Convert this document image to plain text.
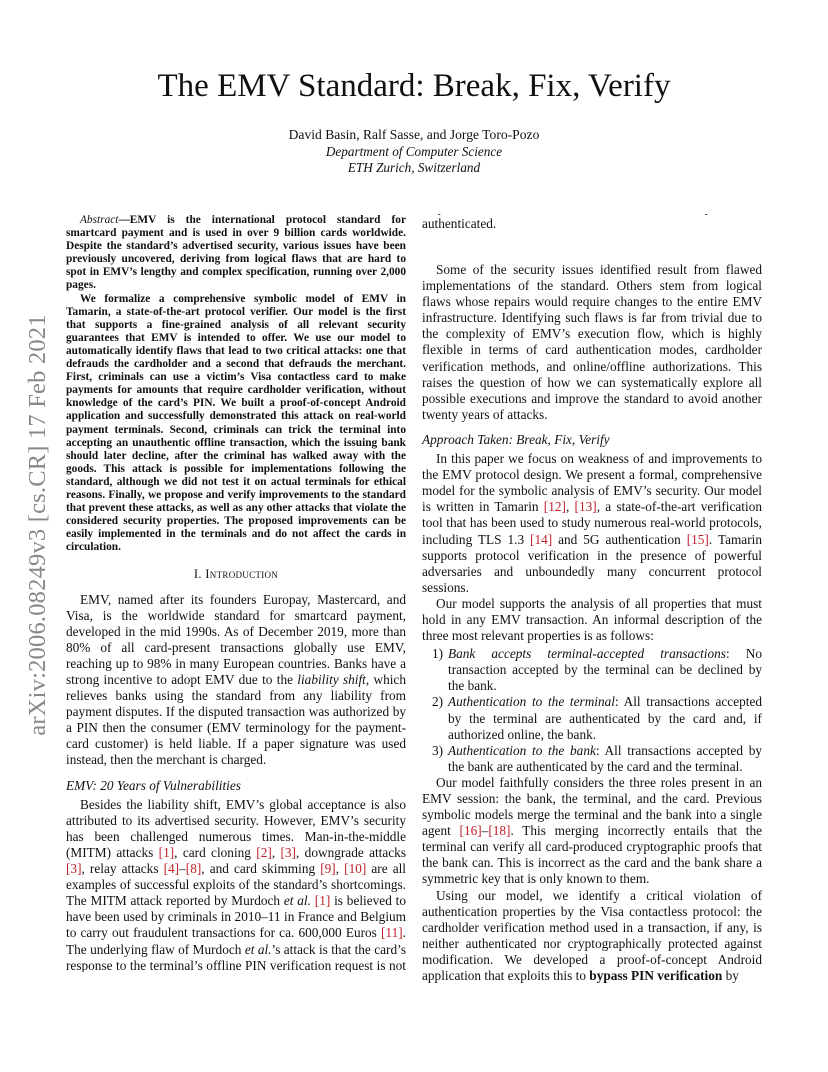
arXiv:2006.08249v3 [cs.CR] 17 Feb 2021
The EMV Standard: Break, Fix, Verify
David Basin, Ralf Sasse, and Jorge Toro-Pozo
Department of Computer Science
ETH Zurich, Switzerland

Abstract—EMV is the international protocol standard for smartcard payment and is used in over 9 billion cards worldwide. Despite the standard’s advertised security, various issues have been previously uncovered, deriving from logical flaws that are hard to spot in EMV’s lengthy and complex specification, running over 2,000 pages.

We formalize a comprehensive symbolic model of EMV in Tamarin, a state-of-the-art protocol verifier. Our model is the first that supports a fine-grained analysis of all relevant security guarantees that EMV is intended to offer. We use our model to automatically identify flaws that lead to two critical attacks: one that defrauds the cardholder and a second that defrauds the merchant. First, criminals can use a victim’s Visa contactless card to make payments for amounts that require cardholder verification, without knowledge of the card’s PIN. We built a proof-of-concept Android application and successfully demonstrated this attack on real-world payment terminals. Second, criminals can trick the terminal into accepting an unauthentic offline transaction, which the issuing bank should later decline, after the criminal has walked away with the goods. This attack is possible for implementations following the standard, although we did not test it on actual terminals for ethical reasons. Finally, we propose and verify improvements to the standard that prevent these attacks, as well as any other attacks that violate the considered security properties. The proposed improvements can be easily implemented in the terminals and do not affect the cards in circulation.

I. Introduction

EMV, named after its founders Europay, Mastercard, and Visa, is the worldwide standard for smartcard payment, developed in the mid 1990s. As of December 2019, more than 80% of all card-present transactions globally use EMV, reaching up to 98% in many European countries. Banks have a strong incentive to adopt EMV due to the liability shift, which relieves banks using the standard from any liability from payment disputes. If the disputed transaction was authorized by a PIN then the consumer (EMV terminology for the payment-card customer) is held liable. If a paper signature was used instead, then the merchant is charged.

EMV: 20 Years of Vulnerabilities

Besides the liability shift, EMV’s global acceptance is also attributed to its advertised security. However, EMV’s security has been challenged numerous times. Man-in-the-middle (MITM) attacks [1], card cloning [2], [3], downgrade attacks [3], relay attacks [4]–[8], and card skimming [9], [10] are all examples of successful exploits of the standard’s shortcomings. The MITM attack reported by Murdoch et al. [1] is believed to have been used by criminals in 2010–11 in France and Belgium to carry out fraudulent transactions for ca. 600,000 Euros [11]. The underlying flaw of Murdoch et al.’s attack is that the card’s response to the terminal’s offline PIN verification request is not

authenticated.

Some of the security issues identified result from flawed implementations of the standard. Others stem from logical flaws whose repairs would require changes to the entire EMV infrastructure. Identifying such flaws is far from trivial due to the complexity of EMV’s execution flow, which is highly flexible in terms of card authentication modes, cardholder verification methods, and online/offline authorizations. This raises the question of how we can systematically explore all possible executions and improve the standard to avoid another twenty years of attacks.

Approach Taken: Break, Fix, Verify

In this paper we focus on weakness of and improvements to the EMV protocol design. We present a formal, comprehensive model for the symbolic analysis of EMV’s security. Our model is written in Tamarin [12], [13], a state-of-the-art verification tool that has been used to study numerous real-world protocols, including TLS 1.3 [14] and 5G authentication [15]. Tamarin supports protocol verification in the presence of powerful adversaries and unboundedly many concurrent protocol sessions.

Our model supports the analysis of all properties that must hold in any EMV transaction. An informal description of the three most relevant properties is as follows:

1) Bank accepts terminal-accepted transactions: No transaction accepted by the terminal can be declined by the bank.
2) Authentication to the terminal: All transactions accepted by the terminal are authenticated by the card and, if authorized online, the bank.
3) Authentication to the bank: All transactions accepted by the bank are authenticated by the card and the terminal.

Our model faithfully considers the three roles present in an EMV session: the bank, the terminal, and the card. Previous symbolic models merge the terminal and the bank into a single agent [16]–[18]. This merging incorrectly entails that the terminal can verify all card-produced cryptographic proofs that the bank can. This is incorrect as the card and the bank share a symmetric key that is only known to them.

Using our model, we identify a critical violation of authentication properties by the Visa contactless protocol: the cardholder verification method used in a transaction, if any, is neither authenticated nor cryptographically protected against modification. We developed a proof-of-concept Android application that exploits this to bypass PIN verification by
